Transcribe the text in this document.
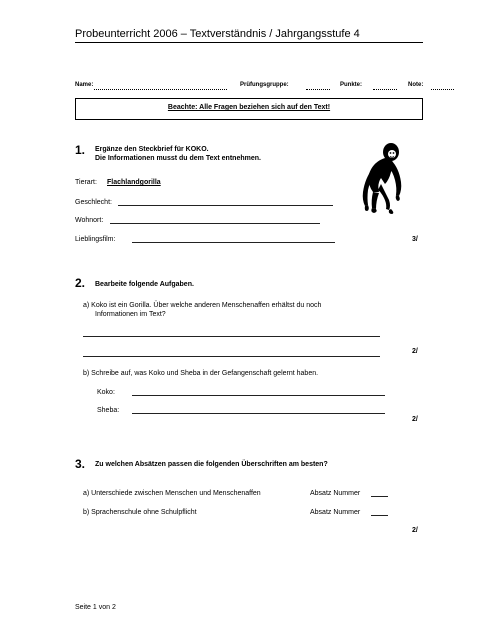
Probeunterricht 2006 – Textverständnis / Jahrgangsstufe 4
Name:	Prüfungsgruppe:	Punkte:	Note:
Beachte: Alle Fragen beziehen sich auf den Text!
1. Ergänze den Steckbrief für KOKO.
Die Informationen musst du dem Text entnehmen.
Tierart: Flachlandgorilla
Geschlecht:
Wohnort:
Lieblingsfilm:	3/
2. Bearbeite folgende Aufgaben.
a) Koko ist ein Gorilla. Über welche anderen Menschenaffen erhältst du noch
Informationen im Text?
2/
b) Schreibe auf, was Koko und Sheba in der Gefangenschaft gelernt haben.
Koko:
Sheba:
2/
3. Zu welchen Absätzen passen die folgenden Überschriften am besten?
a) Unterschiede zwischen Menschen und Menschenaffen	Absatz Nummer
b) Sprachenschule ohne Schulpflicht	Absatz Nummer
2/
Seite 1 von 2
